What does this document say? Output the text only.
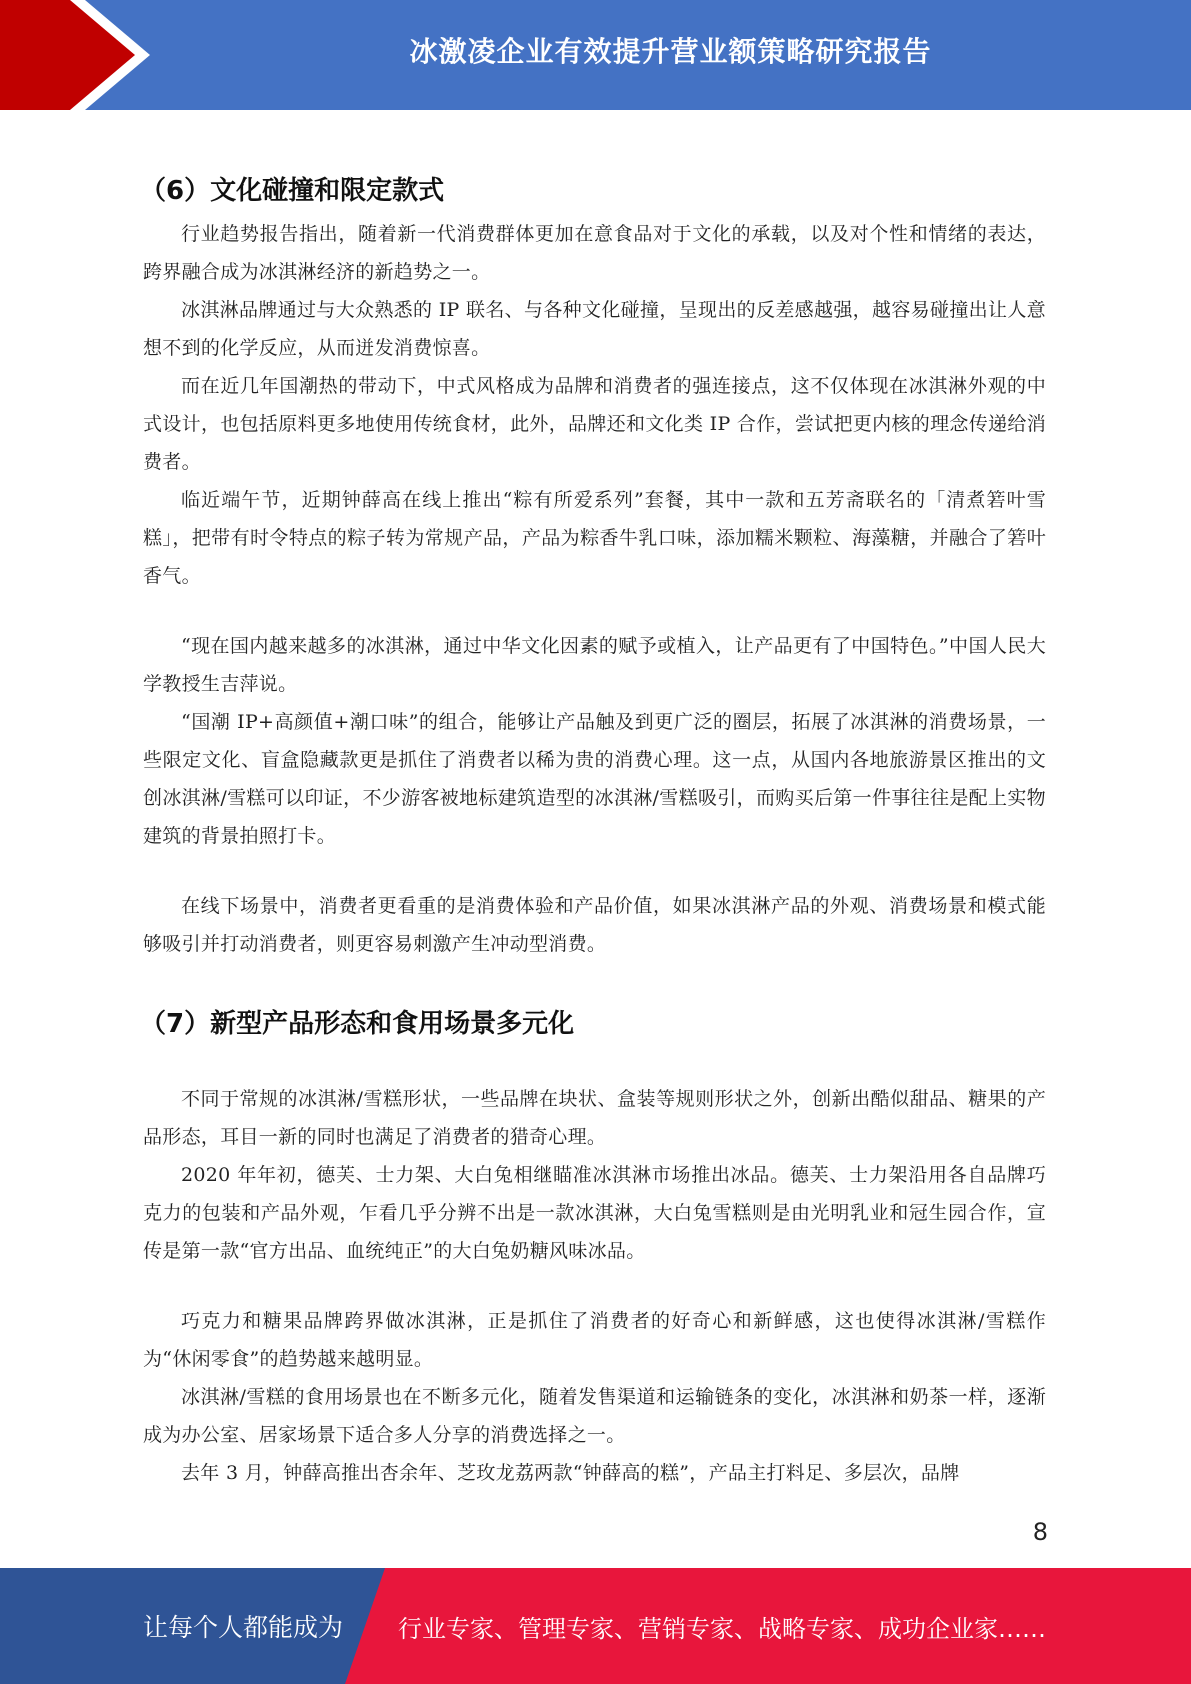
冰激凌企业有效提升营业额策略研究报告
（6）文化碰撞和限定款式

行业趋势报告指出，随着新一代消费群体更加在意食品对于文化的承载，以及对个性和情绪的表达，跨界融合成为冰淇淋经济的新趋势之一。

冰淇淋品牌通过与大众熟悉的 IP 联名、与各种文化碰撞，呈现出的反差感越强，越容易碰撞出让人意想不到的化学反应，从而迸发消费惊喜。

而在近几年国潮热的带动下，中式风格成为品牌和消费者的强连接点，这不仅体现在冰淇淋外观的中式设计，也包括原料更多地使用传统食材，此外，品牌还和文化类 IP 合作，尝试把更内核的理念传递给消费者。

临近端午节，近期钟薛高在线上推出“粽有所爱系列”套餐，其中一款和五芳斋联名的「清煮箬叶雪糕」，把带有时令特点的粽子转为常规产品，产品为粽香牛乳口味，添加糯米颗粒、海藻糖，并融合了箬叶香气。

“现在国内越来越多的冰淇淋，通过中华文化因素的赋予或植入，让产品更有了中国特色。”中国人民大学教授生吉萍说。

“国潮 IP+高颜值+潮口味”的组合，能够让产品触及到更广泛的圈层，拓展了冰淇淋的消费场景，一些限定文化、盲盒隐藏款更是抓住了消费者以稀为贵的消费心理。这一点，从国内各地旅游景区推出的文创冰淇淋/雪糕可以印证，不少游客被地标建筑造型的冰淇淋/雪糕吸引，而购买后第一件事往往是配上实物建筑的背景拍照打卡。

在线下场景中，消费者更看重的是消费体验和产品价值，如果冰淇淋产品的外观、消费场景和模式能够吸引并打动消费者，则更容易刺激产生冲动型消费。

（7）新型产品形态和食用场景多元化

不同于常规的冰淇淋/雪糕形状，一些品牌在块状、盒装等规则形状之外，创新出酷似甜品、糖果的产品形态，耳目一新的同时也满足了消费者的猎奇心理。

2020 年年初，德芙、士力架、大白兔相继瞄准冰淇淋市场推出冰品。德芙、士力架沿用各自品牌巧克力的包装和产品外观，乍看几乎分辨不出是一款冰淇淋，大白兔雪糕则是由光明乳业和冠生园合作，宣传是第一款“官方出品、血统纯正”的大白兔奶糖风味冰品。

巧克力和糖果品牌跨界做冰淇淋，正是抓住了消费者的好奇心和新鲜感，这也使得冰淇淋/雪糕作为“休闲零食”的趋势越来越明显。

冰淇淋/雪糕的食用场景也在不断多元化，随着发售渠道和运输链条的变化，冰淇淋和奶茶一样，逐渐成为办公室、居家场景下适合多人分享的消费选择之一。

去年 3 月，钟薛高推出杏余年、芝玫龙荔两款“钟薛高的糕”，产品主打料足、多层次，品牌

8
让每个人都能成为 行业专家、管理专家、营销专家、战略专家、成功企业家……
